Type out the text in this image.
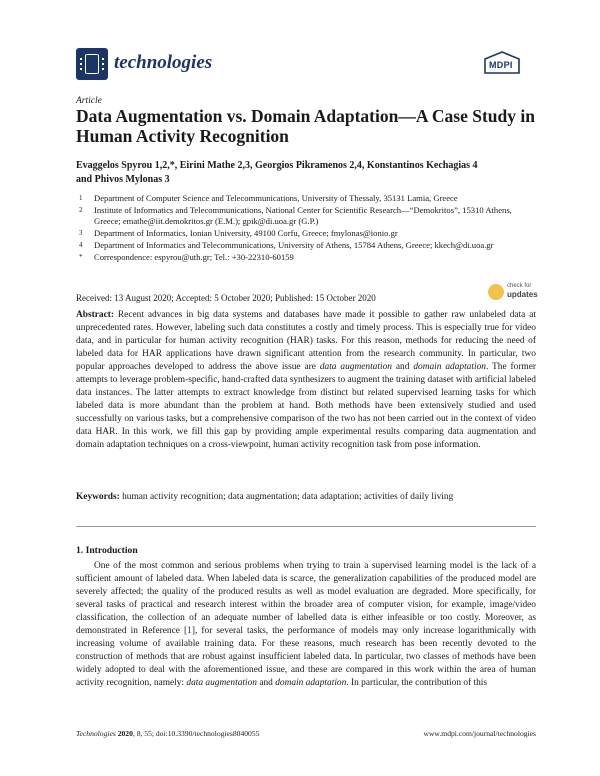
technologies	MDPI
Article
Data Augmentation vs. Domain Adaptation—A Case Study in Human Activity Recognition
Evaggelos Spyrou 1,2,*, Eirini Mathe 2,3, Georgios Pikramenos 2,4, Konstantinos Kechagias 4
and Phivos Mylonas 3
1 Department of Computer Science and Telecommunications, University of Thessaly, 35131 Lamia, Greece
2 Institute of Informatics and Telecommunications, National Center for Scientific Research—“Demokritos”, 15310 Athens, Greece; emathe@iit.demokritos.gr (E.M.); gpik@di.uoa.gr (G.P.)
3 Department of Informatics, Ionian University, 49100 Corfu, Greece; fmylonas@ionio.gr
4 Department of Informatics and Telecommunications, University of Athens, 15784 Athens, Greece; kkech@di.uoa.gr
* Correspondence: espyrou@uth.gr; Tel.: +30-22310-60159
check for
updates
Received: 13 August 2020; Accepted: 5 October 2020; Published: 15 October 2020
Abstract: Recent advances in big data systems and databases have made it possible to gather raw unlabeled data at unprecedented rates. However, labeling such data constitutes a costly and timely process. This is especially true for video data, and in particular for human activity recognition (HAR) tasks. For this reason, methods for reducing the need of labeled data for HAR applications have drawn significant attention from the research community. In particular, two popular approaches developed to address the above issue are data augmentation and domain adaptation. The former attempts to leverage problem-specific, hand-crafted data synthesizers to augment the training dataset with artificial labeled data instances. The latter attempts to extract knowledge from distinct but related supervised learning tasks for which labeled data is more abundant than the problem at hand. Both methods have been extensively studied and used successfully on various tasks, but a comprehensive comparison of the two has not been carried out in the context of video data HAR. In this work, we fill this gap by providing ample experimental results comparing data augmentation and domain adaptation techniques on a cross-viewpoint, human activity recognition task from pose information.
Keywords: human activity recognition; data augmentation; data adaptation; activities of daily living
1. Introduction
One of the most common and serious problems when trying to train a supervised learning model is the lack of a sufficient amount of labeled data. When labeled data is scarce, the generalization capabilities of the produced model are severely affected; the quality of the produced results as well as model evaluation are degraded. More specifically, for several tasks of practical and research interest within the broader area of computer vision, for example, image/video classification, the collection of an adequate number of labelled data is either infeasible or too costly. Moreover, as demonstrated in Reference [1], for several tasks, the performance of models may only increase logarithmically with increasing volume of available training data. For these reasons, much research has been recently devoted to the construction of methods that are robust against insufficient labeled data. In particular, two classes of methods have been widely adopted to deal with the aforementioned issue, and these are compared in this work within the area of human activity recognition, namely: data augmentation and domain adaptation. In particular, the contribution of this
Technologies 2020, 8, 55; doi:10.3390/technologies8040055	www.mdpi.com/journal/technologies
